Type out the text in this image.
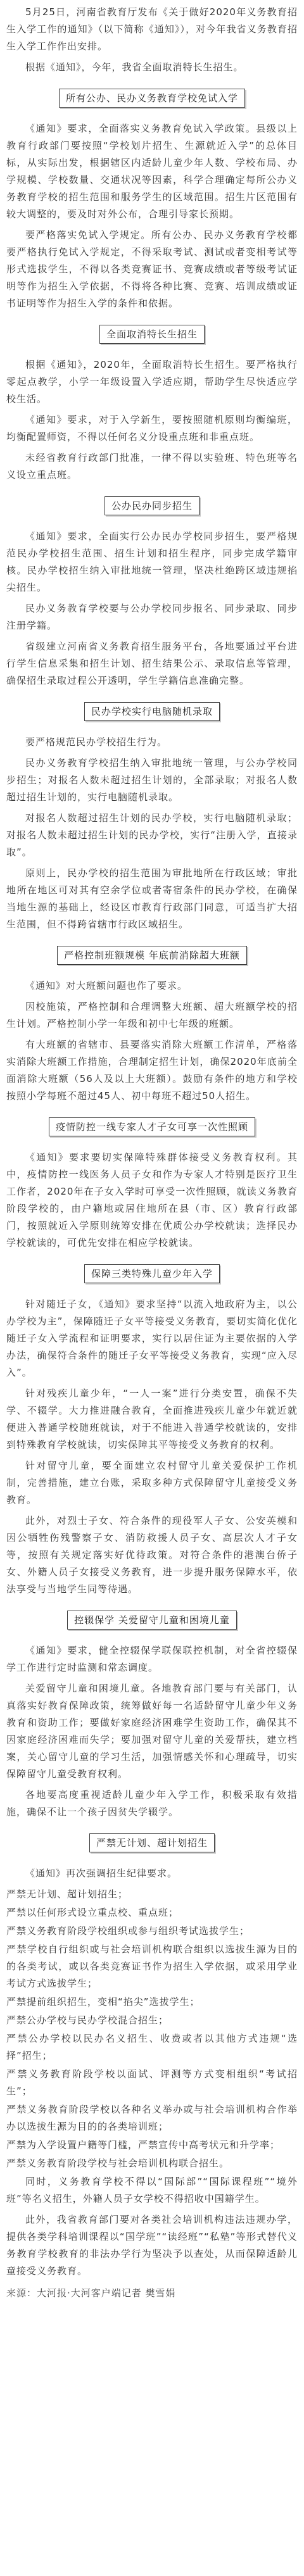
5月25日，河南省教育厅发布《关于做好2020年义务教育招生入学工作的通知》（以下简称《通知》），对今年我省义务教育招生入学工作作出安排。

根据《通知》，今年，我省全面取消特长生招生。

所有公办、民办义务教育学校免试入学

《通知》要求，全面落实义务教育免试入学政策。县级以上教育行政部门要按照“学校划片招生、生源就近入学”的总体目标，从实际出发，根据辖区内适龄儿童少年人数、学校布局、办学规模、学校数量、交通状况等因素，科学合理确定每所公办义务教育学校的招生范围和服务学生的区域范围。招生片区范围有较大调整的，要及时对外公布，合理引导家长预期。

要严格落实免试入学规定。所有公办、民办义务教育学校都要严格执行免试入学规定，不得采取考试、测试或者变相考试等形式选拔学生，不得以各类竞赛证书、竞赛成绩或者等级考试证明等作为招生入学依据，不得将各种比赛、竞赛、培训成绩或证书证明等作为招生入学的条件和依据。

全面取消特长生招生

根据《通知》，2020年，全面取消特长生招生。要严格执行零起点教学，小学一年级设置入学适应期，帮助学生尽快适应学校生活。

《通知》要求，对于入学新生，要按照随机原则均衡编班，均衡配置师资，不得以任何名义分设重点班和非重点班。

未经省教育行政部门批准，一律不得以实验班、特色班等名义设立重点班。

公办民办同步招生

《通知》要求，全面实行公办民办学校同步招生，要严格规范民办学校招生范围、招生计划和招生程序，同步完成学籍审核。民办学校招生纳入审批地统一管理，坚决杜绝跨区域违规掐尖招生。

民办义务教育学校要与公办学校同步报名、同步录取、同步注册学籍。

省级建立河南省义务教育招生服务平台，各地要通过平台进行学生信息采集和招生计划、招生结果公示、录取信息等管理，确保招生录取过程公开透明，学生学籍信息准确完整。

民办学校实行电脑随机录取

要严格规范民办学校招生行为。

民办义务教育学校招生纳入审批地统一管理，与公办学校同步招生；对报名人数未超过招生计划的，全部录取；对报名人数超过招生计划的，实行电脑随机录取。

对报名人数超过招生计划的民办学校，实行电脑随机录取；对报名人数未超过招生计划的民办学校，实行“注册入学，直接录取”。

原则上，民办学校的招生范围为审批地所在行政区域；审批地所在地区可对其有空余学位或者寄宿条件的民办学校，在确保当地生源的基础上，经设区市教育行政部门同意，可适当扩大招生范围，但不得跨省辖市行政区域招生。

严格控制班额规模 年底前消除超大班额

《通知》对大班额问题也作了要求。

因校施策，严格控制和合理调整大班额、超大班额学校的招生计划。严格控制小学一年级和初中七年级的班额。

有大班额的省辖市、县要落实消除大班额工作清单，严格落实消除大班额工作措施，合理制定招生计划，确保2020年底前全面消除大班额（56人及以上大班额）。鼓励有条件的地方和学校按照小学每班不超过45人、初中每班不超过50人招生。

疫情防控一线专家人才子女可享一次性照顾

《通知》要求要切实保障特殊群体接受义务教育权利。其中，疫情防控一线医务人员子女和作为专家人才特别是医疗卫生工作者，2020年在子女入学时可享受一次性照顾，就读义务教育阶段学校的，由户籍地或居住地所在县（市、区）教育行政部门，按照就近入学原则统筹安排在优质公办学校就读；选择民办学校就读的，可优先安排在相应学校就读。

保障三类特殊儿童少年入学

针对随迁子女，《通知》要求坚持“以流入地政府为主，以公办学校为主”，保障随迁子女平等接受义务教育，要切实简化优化随迁子女入学流程和证明要求，实行以居住证为主要依据的入学办法，确保符合条件的随迁子女平等接受义务教育，实现“应入尽入”。

针对残疾儿童少年，“一人一案”进行分类安置，确保不失学、不辍学。大力推进融合教育，全面推进残疾儿童少年就近就便进入普通学校随班就读，对于不能进入普通学校就读的，安排到特殊教育学校就读，切实保障其平等接受义务教育的权利。

针对留守儿童，要全面建立农村留守儿童关爱保护工作机制，完善措施，建立台账，采取多种方式保障留守儿童接受义务教育。

此外，对烈士子女、符合条件的现役军人子女、公安英模和因公牺牲伤残警察子女、消防救援人员子女、高层次人才子女等，按照有关规定落实好优待政策。对符合条件的港澳台侨子女、外籍人员子女接受义务教育，进一步提升服务保障水平，依法享受与当地学生同等待遇。

控辍保学 关爱留守儿童和困境儿童

《通知》要求，健全控辍保学联保联控机制，对全省控辍保学工作进行定时监测和常态调度。

关爱留守儿童和困境儿童。各地教育部门要与有关部门，认真落实好教育保障政策，统筹做好每一名适龄留守儿童少年义务教育和资助工作；要做好家庭经济困难学生资助工作，确保其不因家庭经济困难而失学；要加强对留守儿童的关爱帮扶，建立档案，关心留守儿童的学习生活，加强情感关怀和心理疏导，切实保障留守儿童受教育权利。

各地要高度重视适龄儿童少年入学工作，积极采取有效措施，确保不让一个孩子因贫失学辍学。

严禁无计划、超计划招生

《通知》再次强调招生纪律要求。

严禁无计划、超计划招生；

严禁以任何形式设立重点校、重点班；

严禁义务教育阶段学校组织或参与组织考试选拔学生；

严禁学校自行组织或与社会培训机构联合组织以选拔生源为目的的各类考试，或以各类竞赛证书作为招生入学依据，或采用学业考试方式选拔学生；

严禁提前组织招生，变相“掐尖”选拔学生；

严禁公办学校与民办学校混合招生；

严禁公办学校以民办名义招生、收费或者以其他方式违规“选择”招生；

严禁义务教育阶段学校以面试、评测等方式变相组织“考试招生”；

严禁义务教育阶段学校以各种名义举办或与社会培训机构合作举办以选拔生源为目的的各类培训班；

严禁为入学设置户籍等门槛，严禁宣传中高考状元和升学率；

严禁义务教育阶段学校与社会培训机构联合招生。

同时，义务教育学校不得以“国际部”“国际课程班”“境外班”等名义招生，外籍人员子女学校不得招收中国籍学生。

此外，我省教育部门要对各类社会培训机构违法违规办学，提供各类学科培训课程以“国学班”“读经班”“私塾”等形式替代义务教育学校教育的非法办学行为坚决予以查处，从而保障适龄儿童接受义务教育。

来源：大河报·大河客户端记者 樊雪娟
